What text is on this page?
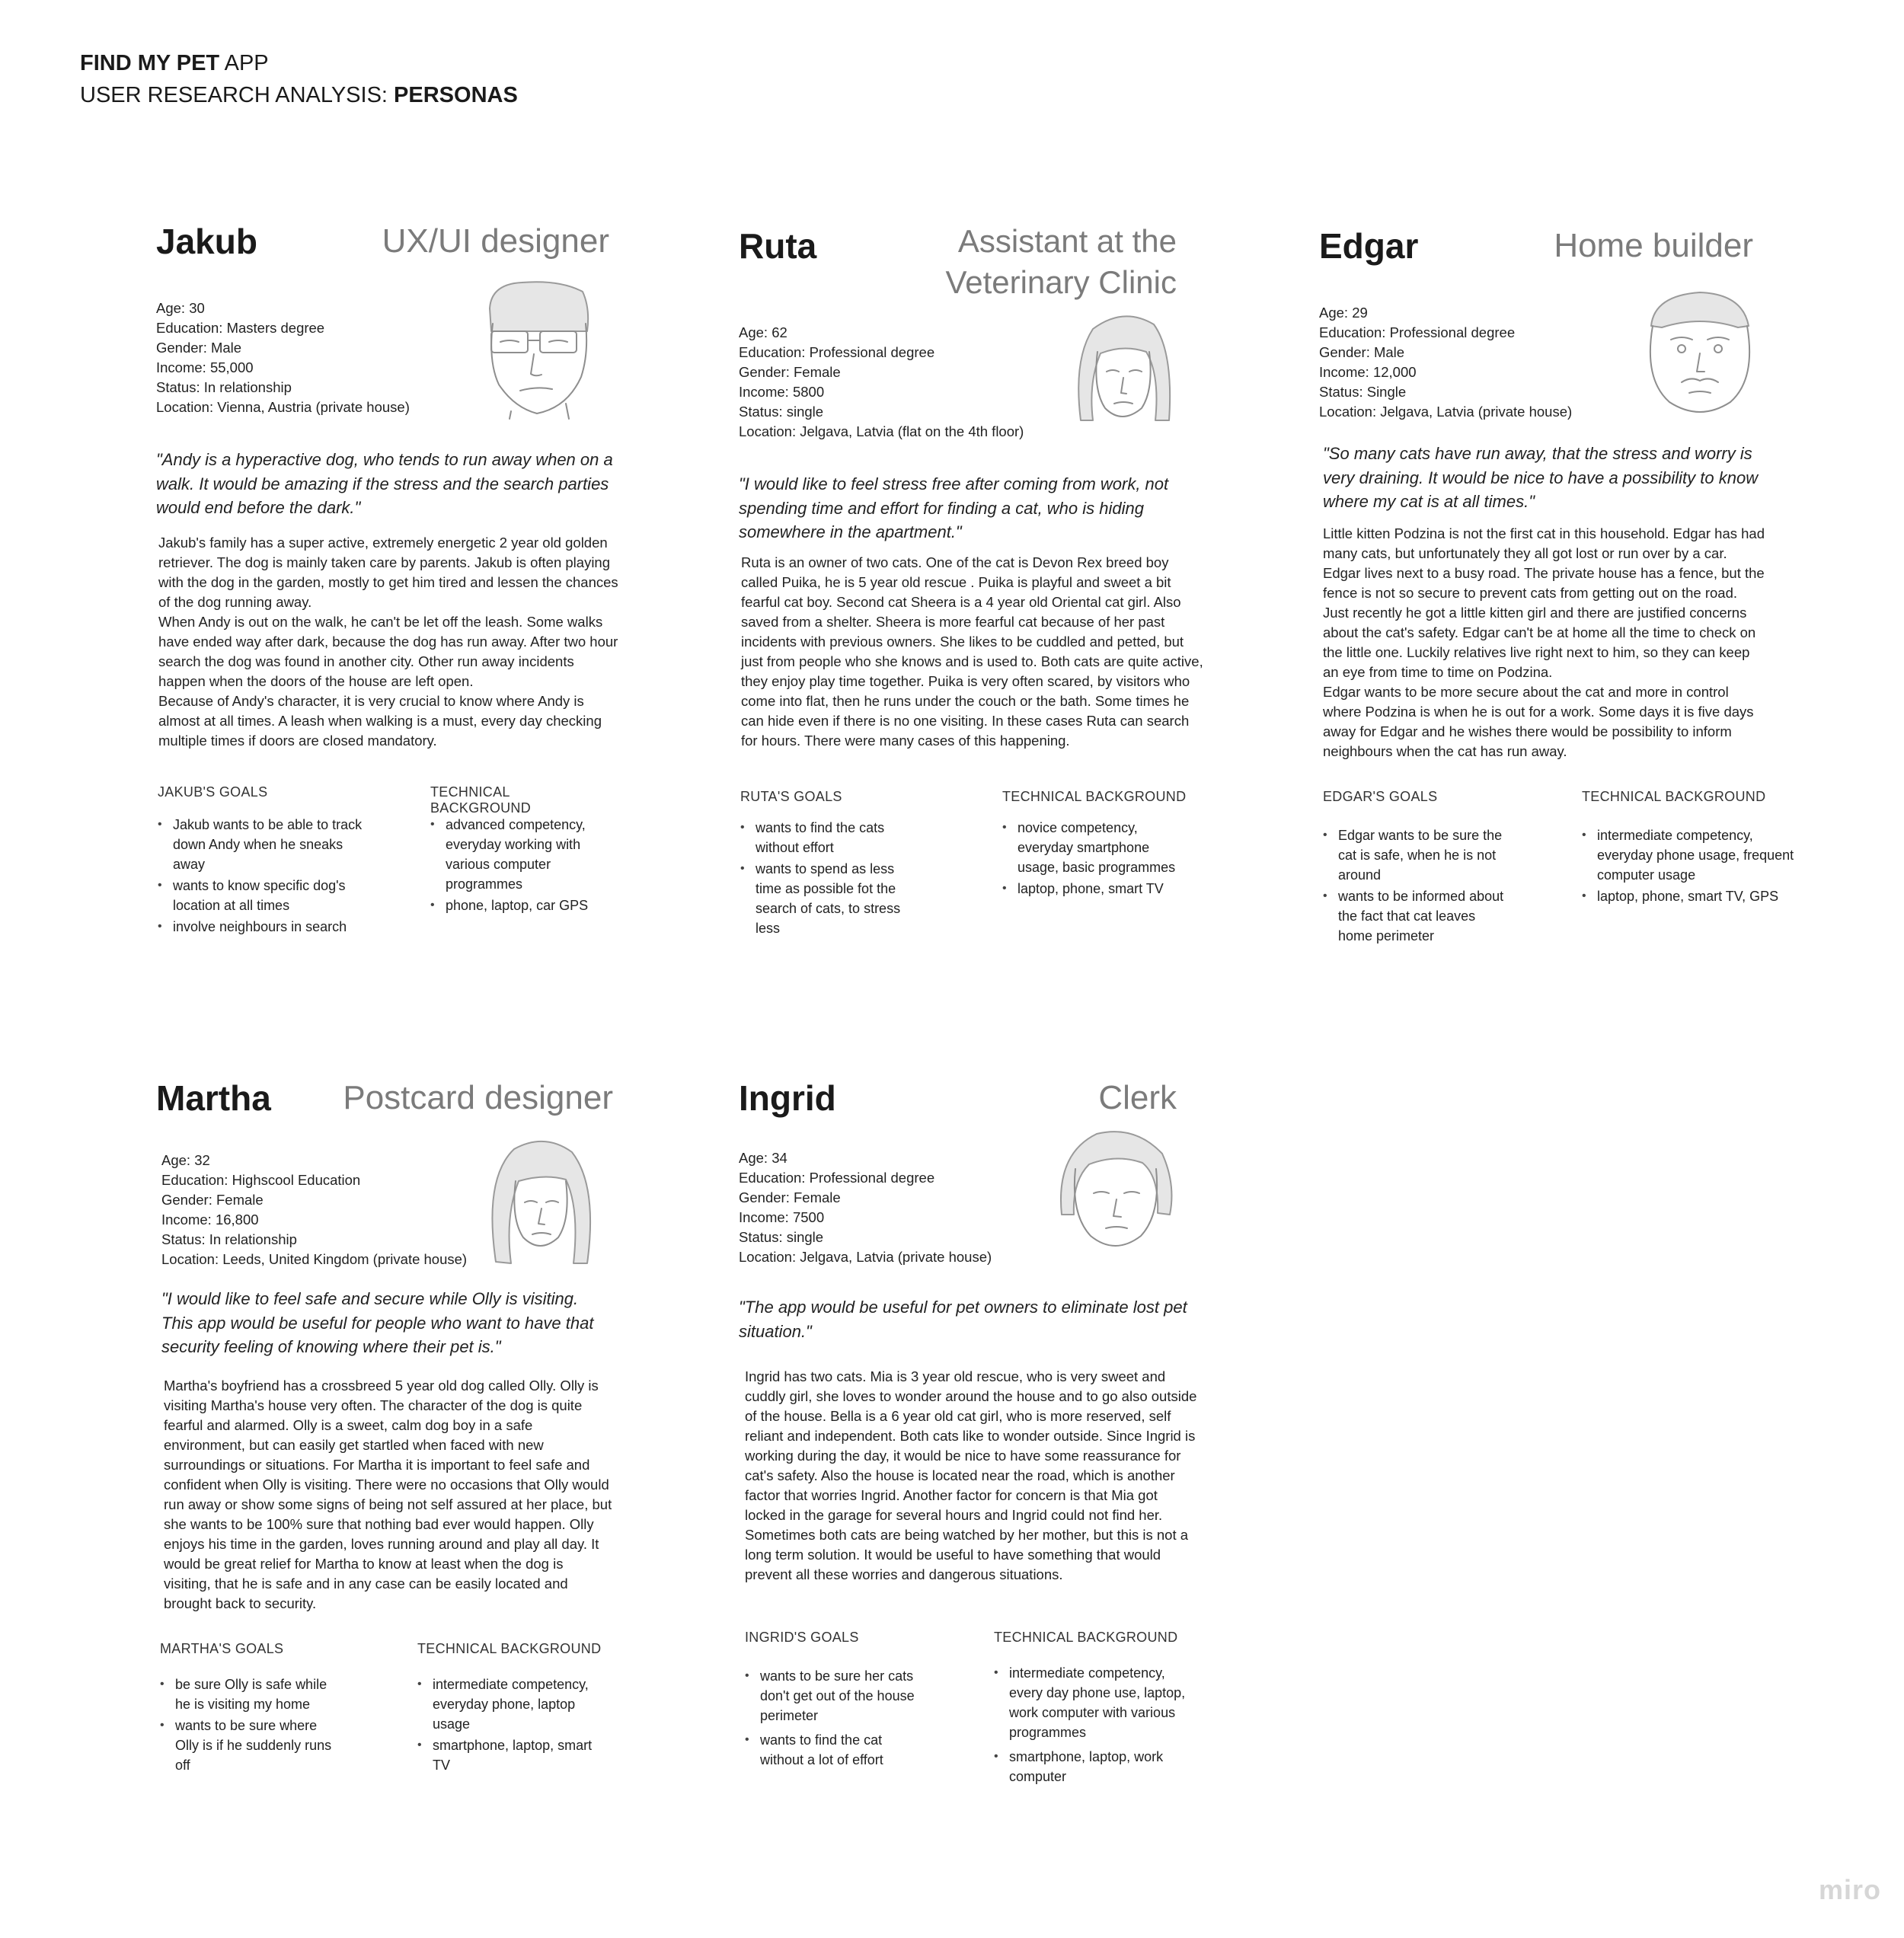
FIND MY PET APP
USER RESEARCH ANALYSIS: PERSONAS
Jakub	UX/UI designer
Age: 30
Education: Masters degree
Gender: Male
Income: 55,000
Status: In relationship
Location: Vienna, Austria (private house)
"Andy is a hyperactive dog, who tends to run away when on a walk. It would be amazing if the stress and the search parties would end before the dark."
Jakub's family has a super active, extremely energetic 2 year old golden retriever. The dog is mainly taken care by parents. Jakub is often playing with the dog in the garden, mostly to get him tired and lessen the chances of the dog running away.
When Andy is out on the walk, he can't be let off the leash. Some walks have ended way after dark, because the dog has run away. After two hour search the dog was found in another city. Other run away incidents happen when the doors of the house are left open.
Because of Andy's character, it is very crucial to know where Andy is almost at all times. A leash when walking is a must, every day checking multiple times if doors are closed mandatory.
JAKUB'S GOALS
• Jakub wants to be able to track down Andy when he sneaks away
• wants to know specific dog's location at all times
• involve neighbours in search
TECHNICAL BACKGROUND
• advanced competency, everyday working with various computer programmes
• phone, laptop, car GPS
Ruta	Assistant at the
Veterinary Clinic
Age: 62
Education: Professional degree
Gender: Female
Income: 5800
Status: single
Location: Jelgava, Latvia (flat on the 4th floor)
"I would like to feel stress free after coming from work, not spending time and effort for finding a cat, who is hiding somewhere in the apartment."
Ruta is an owner of two cats. One of the cat is Devon Rex breed boy called Puika, he is 5 year old rescue . Puika is playful and sweet a bit fearful cat boy. Second cat Sheera is a 4 year old Oriental cat girl. Also saved from a shelter. Sheera is more fearful cat because of her past incidents with previous owners. She likes to be cuddled and petted, but just from people who she knows and is used to. Both cats are quite active, they enjoy play time together. Puika is very often scared, by visitors who come into flat, then he runs under the couch or the bath. Some times he can hide even if there is no one visiting. In these cases Ruta can search for hours. There were many cases of this happening.
RUTA'S GOALS
• wants to find the cats without effort
• wants to spend as less time as possible fot the search of cats, to stress less
TECHNICAL BACKGROUND
• novice competency, everyday smartphone usage, basic programmes
• laptop, phone, smart TV
Edgar	Home builder
Age: 29
Education: Professional degree
Gender: Male
Income: 12,000
Status: Single
Location: Jelgava, Latvia (private house)
"So many cats have run away, that the stress and worry is very draining. It would be nice to have a possibility to know where my cat is at all times."
Little kitten Podzina is not the first cat in this household. Edgar has had many cats, but unfortunately they all got lost or run over by a car. Edgar lives next to a busy road. The private house has a fence, but the fence is not so secure to prevent cats from getting out on the road. Just recently he got a little kitten girl and there are justified concerns about the cat's safety. Edgar can't be at home all the time to check on the little one. Luckily relatives live right next to him, so they can keep an eye from time to time on Podzina.
Edgar wants to be more secure about the cat and more in control where Podzina is when he is out for a work. Some days it is five days away for Edgar and he wishes there would be possibility to inform neighbours when the cat has run away.
EDGAR'S GOALS
• Edgar wants to be sure the cat is safe, when he is not around
• wants to be informed about the fact that cat leaves home perimeter
TECHNICAL BACKGROUND
• intermediate competency, everyday phone usage, frequent computer usage
• laptop, phone, smart TV, GPS
Martha Postcard designer
Age: 32
Education: Highscool Education
Gender: Female
Income: 16,800
Status: In relationship
Location: Leeds, United Kingdom (private house)
"I would like to feel safe and secure while Olly is visiting. This app would be useful for people who want to have that security feeling of knowing where their pet is."
Martha's boyfriend has a crossbreed 5 year old dog called Olly. Olly is visiting Martha's house very often. The character of the dog is quite fearful and alarmed. Olly is a sweet, calm dog boy in a safe environment, but can easily get startled when faced with new surroundings or situations. For Martha it is important to feel safe and confident when Olly is visiting. There were no occasions that Olly would run away or show some signs of being not self assured at her place, but she wants to be 100% sure that nothing bad ever would happen. Olly enjoys his time in the garden, loves running around and play all day. It would be great relief for Martha to know at least when the dog is visiting, that he is safe and in any case can be easily located and brought back to security.
MARTHA'S GOALS
• be sure Olly is safe while he is visiting my home
• wants to be sure where Olly is if he suddenly runs off
TECHNICAL BACKGROUND
• intermediate competency, everyday phone, laptop usage
• smartphone, laptop, smart TV
Ingrid	Clerk
Age: 34
Education: Professional degree
Gender: Female
Income: 7500
Status: single
Location: Jelgava, Latvia (private house)
"The app would be useful for pet owners to eliminate lost pet situation."
Ingrid has two cats. Mia is 3 year old rescue, who is very sweet and cuddly girl, she loves to wonder around the house and to go also outside of the house. Bella is a 6 year old cat girl, who is more reserved, self reliant and independent. Both cats like to wonder outside. Since Ingrid is working during the day, it would be nice to have some reassurance for cat's safety. Also the house is located near the road, which is another factor that worries Ingrid. Another factor for concern is that Mia got locked in the garage for several hours and Ingrid could not find her. Sometimes both cats are being watched by her mother, but this is not a long term solution. It would be useful to have something that would prevent all these worries and dangerous situations.
INGRID'S GOALS
• wants to be sure her cats don't get out of the house perimeter
• wants to find the cat without a lot of effort
TECHNICAL BACKGROUND
• intermediate competency, every day phone use, laptop, work computer with various programmes
• smartphone, laptop, work computer
miro
